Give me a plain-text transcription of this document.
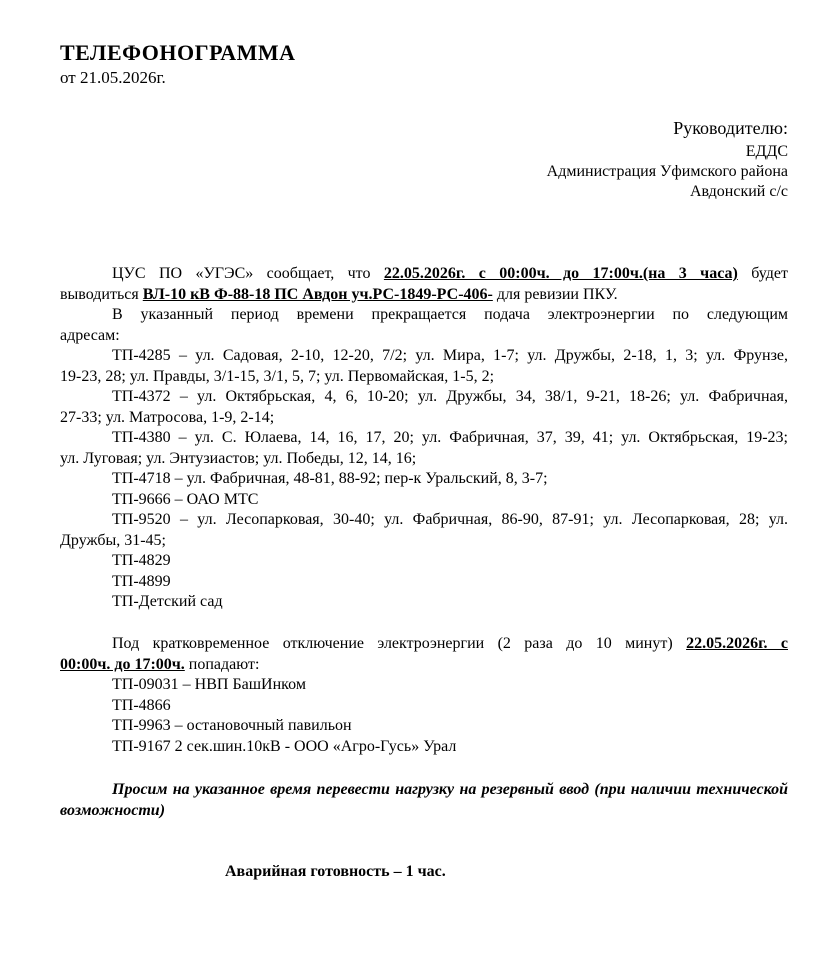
ТЕЛЕФОНОГРАММА
от 21.05.2026г.
Руководителю:
ЕДДС
Администрация Уфимского района
Авдонский с/с
ЦУС ПО «УГЭС» сообщает, что 22.05.2026г. с 00:00ч. до 17:00ч.(на 3 часа) будет
выводиться ВЛ-10 кВ Ф-88-18 ПС Авдон уч.РС-1849-РС-406- для ревизии ПКУ.
В указанный период времени прекращается подача электроэнергии по следующим
адресам:
ТП-4285 – ул. Садовая, 2-10, 12-20, 7/2; ул. Мира, 1-7; ул. Дружбы, 2-18, 1, 3; ул. Фрунзе,
19-23, 28; ул. Правды, 3/1-15, 3/1, 5, 7; ул. Первомайская, 1-5, 2;
ТП-4372 – ул. Октябрьская, 4, 6, 10-20; ул. Дружбы, 34, 38/1, 9-21, 18-26; ул. Фабричная,
27-33; ул. Матросова, 1-9, 2-14;
ТП-4380 – ул. С. Юлаева, 14, 16, 17, 20; ул. Фабричная, 37, 39, 41; ул. Октябрьская, 19-23;
ул. Луговая; ул. Энтузиастов; ул. Победы, 12, 14, 16;
ТП-4718 – ул. Фабричная, 48-81, 88-92; пер-к Уральский, 8, 3-7;
ТП-9666 – ОАО МТС
ТП-9520 – ул. Лесопарковая, 30-40; ул. Фабричная, 86-90, 87-91; ул. Лесопарковая, 28; ул.
Дружбы, 31-45;
ТП-4829
ТП-4899
ТП-Детский сад
Под кратковременное отключение электроэнергии (2 раза до 10 минут) 22.05.2026г. с
00:00ч. до 17:00ч. попадают:
ТП-09031 – НВП БашИнком
ТП-4866
ТП-9963 – остановочный павильон
ТП-9167 2 сек.шин.10кВ - ООО «Агро-Гусь» Урал
Просим на указанное время перевести нагрузку на резервный ввод (при наличии технической возможности)
Аварийная готовность – 1 час.
